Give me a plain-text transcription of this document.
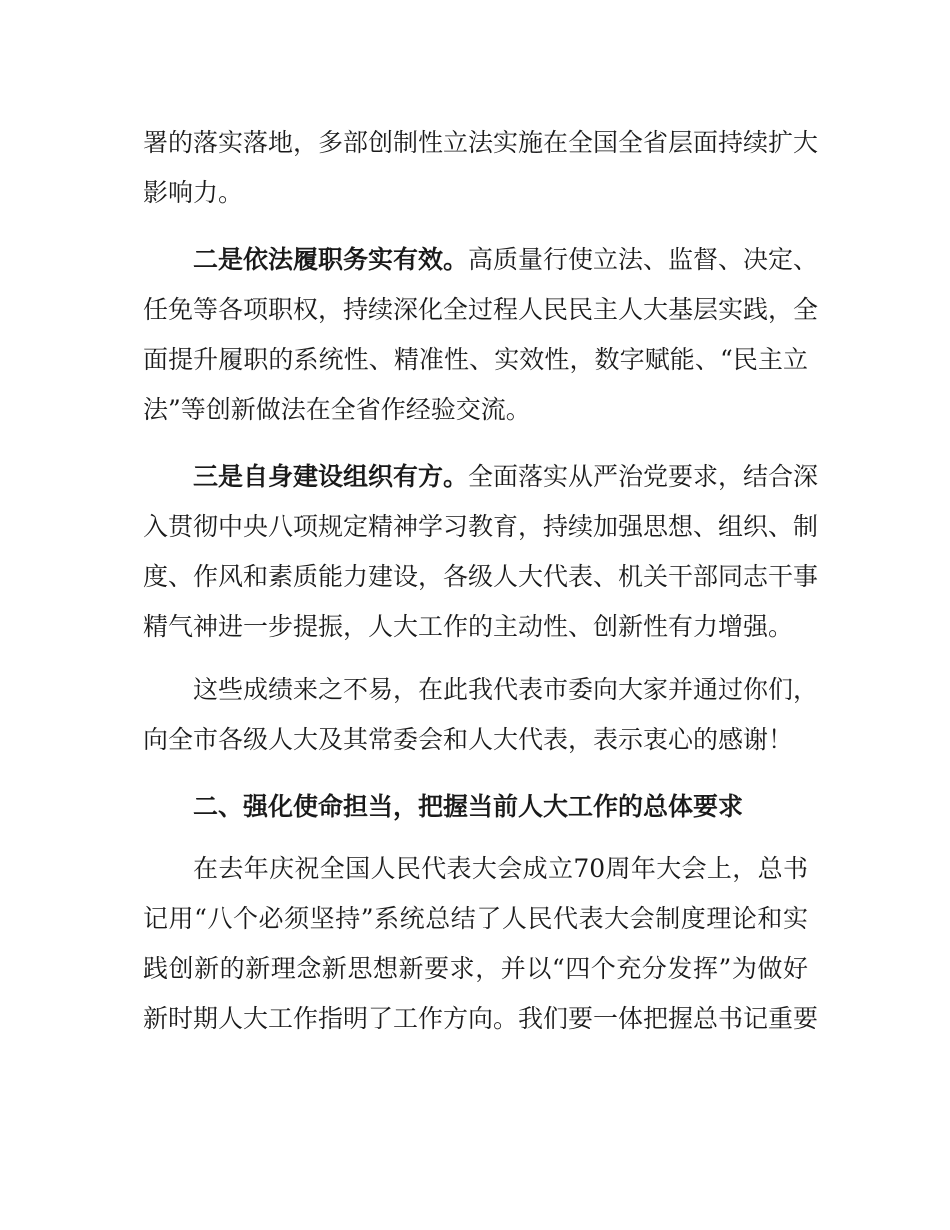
署的落实落地，多部创制性立法实施在全国全省层面持续扩大
影响力。
二是依法履职务实有效。高质量行使立法、监督、决定、
任免等各项职权，持续深化全过程人民民主人大基层实践，全
面提升履职的系统性、精准性、实效性，数字赋能、“民主立
法”等创新做法在全省作经验交流。
三是自身建设组织有方。全面落实从严治党要求，结合深
入贯彻中央八项规定精神学习教育，持续加强思想、组织、制
度、作风和素质能力建设，各级人大代表、机关干部同志干事
精气神进一步提振，人大工作的主动性、创新性有力增强。
这些成绩来之不易，在此我代表市委向大家并通过你们，
向全市各级人大及其常委会和人大代表，表示衷心的感谢！
二、强化使命担当，把握当前人大工作的总体要求
在去年庆祝全国人民代表大会成立70周年大会上，总书
记用“八个必须坚持”系统总结了人民代表大会制度理论和实
践创新的新理念新思想新要求，并以“四个充分发挥”为做好
新时期人大工作指明了工作方向。我们要一体把握总书记重要
